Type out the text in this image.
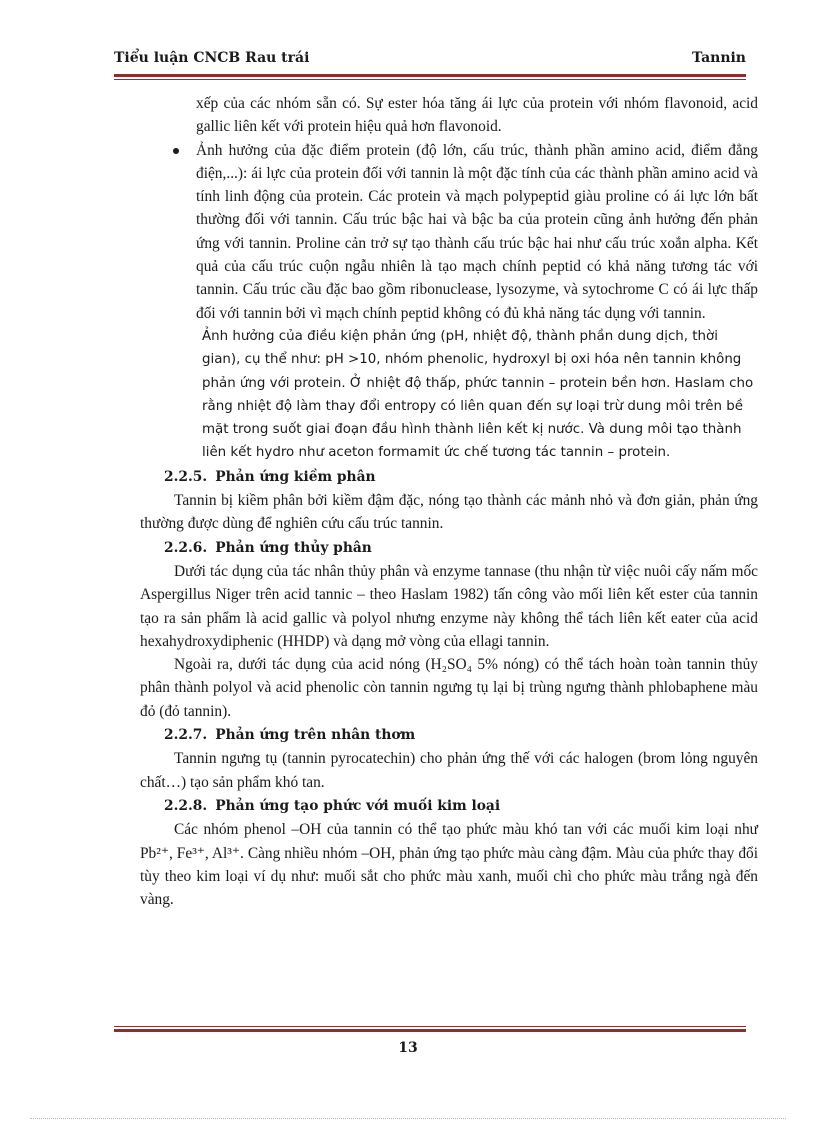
Tiểu luận CNCB Rau trái	Tannin

xếp của các nhóm sẵn có. Sự ester hóa tăng ái lực của protein với nhóm flavonoid, acid gallic liên kết với protein hiệu quả hơn flavonoid.

Ảnh hưởng của đặc điểm protein (độ lớn, cấu trúc, thành phần amino acid, điểm đẳng điện,...): ái lực của protein đối với tannin là một đặc tính của các thành phần amino acid và tính linh động của protein. Các protein và mạch polypeptid giàu proline có ái lực lớn bất thường đối với tannin. Cấu trúc bậc hai và bậc ba của protein cũng ảnh hưởng đến phản ứng với tannin. Proline cản trở sự tạo thành cấu trúc bậc hai như cấu trúc xoắn alpha. Kết quả của cấu trúc cuộn ngẫu nhiên là tạo mạch chính peptid có khả năng tương tác với tannin. Cấu trúc cầu đặc bao gồm ribonuclease, lysozyme, và sytochrome C có ái lực thấp đối với tannin bởi vì mạch chính peptid không có đủ khả năng tác dụng với tannin.

Ảnh hưởng của điều kiện phản ứng (pH, nhiệt độ, thành phần dung dịch, thời gian), cụ thể như: pH >10, nhóm phenolic, hydroxyl bị oxi hóa nên tannin không phản ứng với protein. Ở nhiệt độ thấp, phức tannin – protein bền hơn. Haslam cho rằng nhiệt độ làm thay đổi entropy có liên quan đến sự loại trừ dung môi trên bề mặt trong suốt giai đoạn đầu hình thành liên kết kị nước. Và dung môi tạo thành liên kết hydro như aceton formamit ức chế tương tác tannin – protein.

2.2.5. Phản ứng kiềm phân

Tannin bị kiềm phân bởi kiềm đậm đặc, nóng tạo thành các mảnh nhỏ và đơn giản, phản ứng thường được dùng để nghiên cứu cấu trúc tannin.

2.2.6. Phản ứng thủy phân

Dưới tác dụng của tác nhân thủy phân và enzyme tannase (thu nhận từ việc nuôi cấy nấm mốc Aspergillus Niger trên acid tannic – theo Haslam 1982) tấn công vào mối liên kết ester của tannin tạo ra sản phẩm là acid gallic và polyol nhưng enzyme này không thể tách liên kết eater của acid hexahydroxydiphenic (HHDP) và dạng mở vòng của ellagi tannin.

Ngoài ra, dưới tác dụng của acid nóng (H₂SO₄ 5% nóng) có thể tách hoàn toàn tannin thủy phân thành polyol và acid phenolic còn tannin ngưng tụ lại bị trùng ngưng thành phlobaphene màu đỏ (đỏ tannin).

2.2.7. Phản ứng trên nhân thơm

Tannin ngưng tụ (tannin pyrocatechin) cho phản ứng thế với các halogen (brom lỏng nguyên chất…) tạo sản phẩm khó tan.

2.2.8. Phản ứng tạo phức với muối kim loại

Các nhóm phenol –OH của tannin có thể tạo phức màu khó tan với các muối kim loại như Pb²⁺, Fe³⁺, Al³⁺. Càng nhiều nhóm –OH, phản ứng tạo phức màu càng đậm. Màu của phức thay đổi tùy theo kim loại ví dụ như: muối sắt cho phức màu xanh, muối chì cho phức màu trắng ngà đến vàng.

13
